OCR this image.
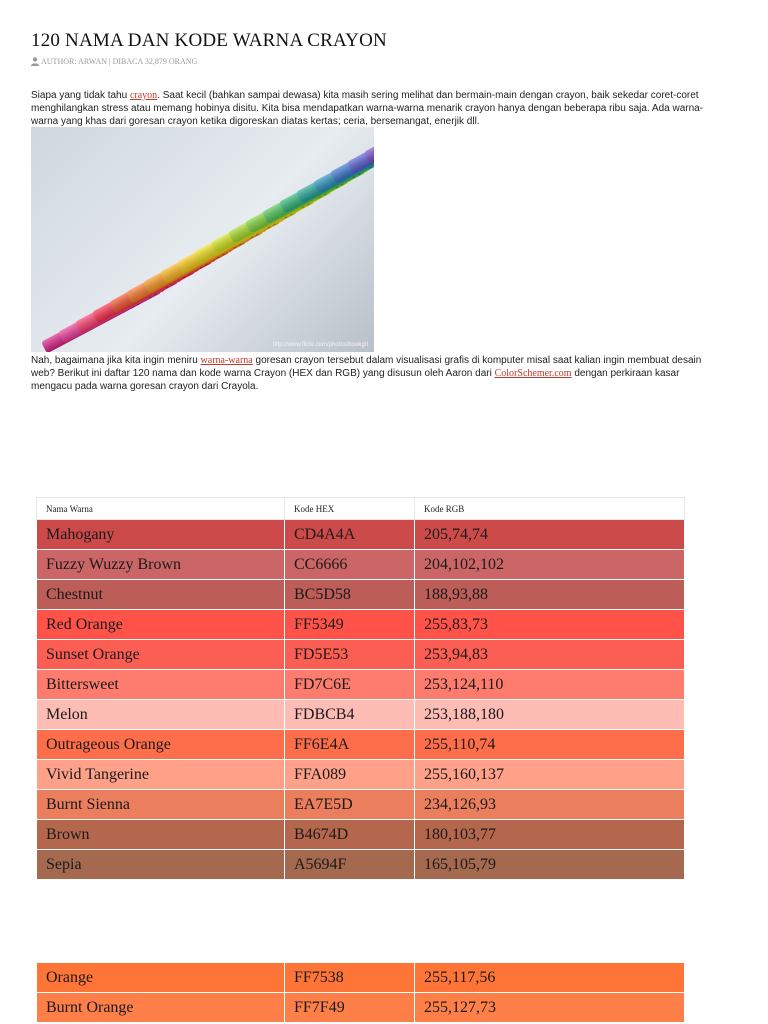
120 NAMA DAN KODE WARNA CRAYON
AUTHOR: ARWAN | DIBACA 32,879 ORANG

Siapa yang tidak tahu crayon. Saat kecil (bahkan sampai dewasa) kita masih sering melihat dan bermain-main dengan crayon, baik sekedar coret-coret menghilangkan stress atau memang hobinya disitu. Kita bisa mendapatkan warna-warna menarik crayon hanya dengan beberapa ribu saja. Ada warna-warna yang khas dari goresan crayon ketika digoreskan diatas kertas; ceria, bersemangat, enerjik dll.

http://www.flickr.com/photos/bookgrl

Nah, bagaimana jika kita ingin meniru warna-warna goresan crayon tersebut dalam visualisasi grafis di komputer misal saat kalian ingin membuat desain web? Berikut ini daftar 120 nama dan kode warna Crayon (HEX dan RGB) yang disusun oleh Aaron dari ColorSchemer.com dengan perkiraan kasar mengacu pada warna goresan crayon dari Crayola.

Nama Warna	Kode HEX	Kode RGB
Mahogany	CD4A4A	205,74,74
Fuzzy Wuzzy Brown	CC6666	204,102,102
Chestnut	BC5D58	188,93,88
Red Orange	FF5349	255,83,73
Sunset Orange	FD5E53	253,94,83
Bittersweet	FD7C6E	253,124,110
Melon	FDBCB4	253,188,180
Outrageous Orange	FF6E4A	255,110,74
Vivid Tangerine	FFA089	255,160,137
Burnt Sienna	EA7E5D	234,126,93
Brown	B4674D	180,103,77
Sepia	A5694F	165,105,79
Orange	FF7538	255,117,56
Burnt Orange	FF7F49	255,127,73
